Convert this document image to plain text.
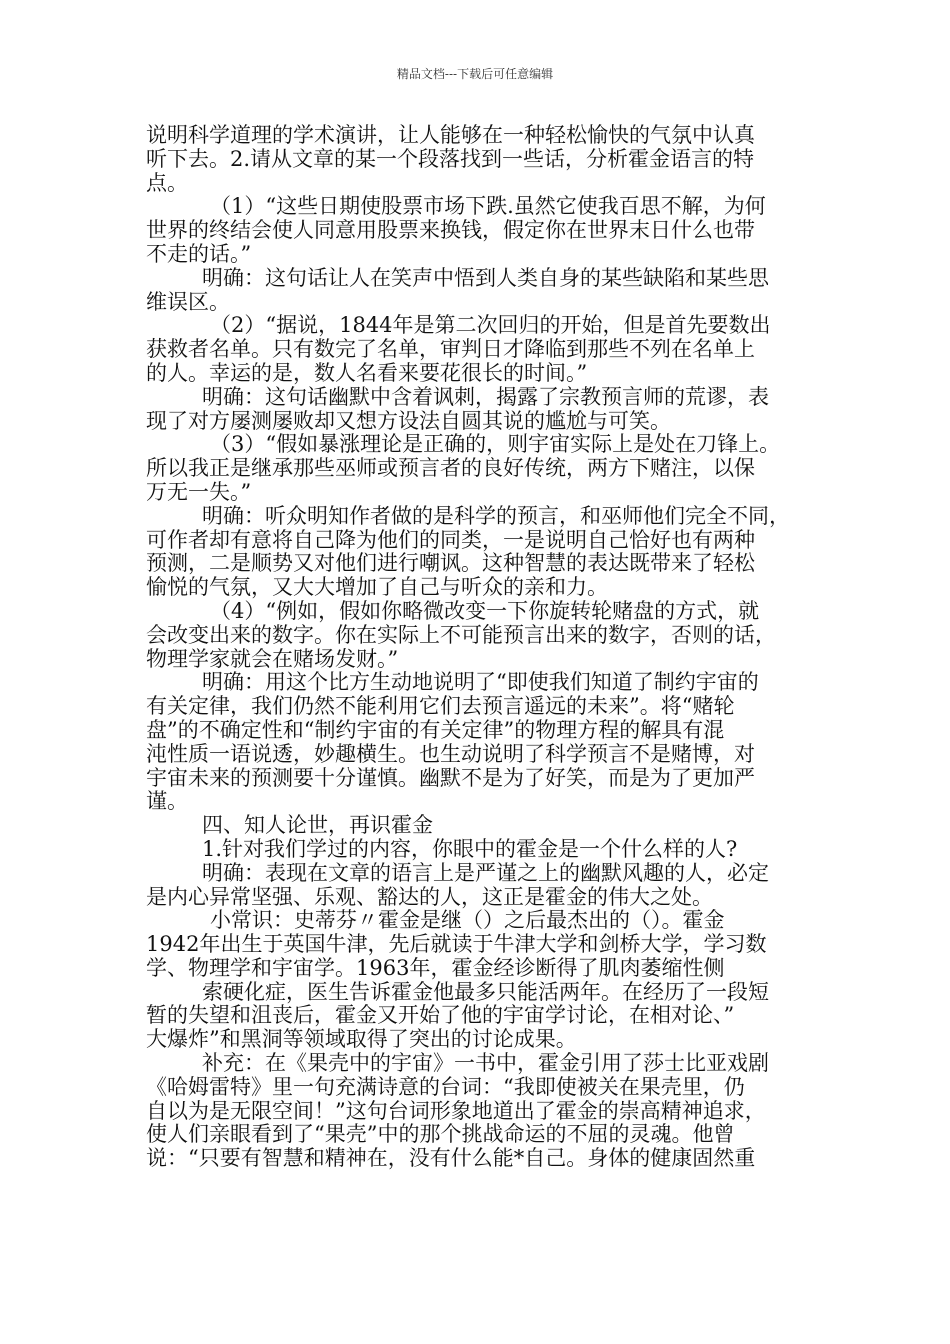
精品文档---下载后可任意编辑
说明科学道理的学术演讲，让人能够在一种轻松愉快的气氛中认真
听下去。2.请从文章的某一个段落找到一些话，分析霍金语言的特
点。
（1）“这些日期使股票市场下跌.虽然它使我百思不解，为何
世界的终结会使人同意用股票来换钱，假定你在世界末日什么也带
不走的话。”
明确：这句话让人在笑声中悟到人类自身的某些缺陷和某些思
维误区。
（2）“据说，1844年是第二次回归的开始，但是首先要数出
获救者名单。只有数完了名单，审判日才降临到那些不列在名单上
的人。幸运的是，数人名看来要花很长的时间。”
明确：这句话幽默中含着讽刺，揭露了宗教预言师的荒谬，表
现了对方屡测屡败却又想方设法自圆其说的尴尬与可笑。
（3）“假如暴涨理论是正确的，则宇宙实际上是处在刀锋上。
所以我正是继承那些巫师或预言者的良好传统，两方下赌注，以保
万无一失。”
明确：听众明知作者做的是科学的预言，和巫师他们完全不同，
可作者却有意将自己降为他们的同类，一是说明自己恰好也有两种
预测，二是顺势又对他们进行嘲讽。这种智慧的表达既带来了轻松
愉悦的气氛，又大大增加了自己与听众的亲和力。
（4）“例如，假如你略微改变一下你旋转轮赌盘的方式，就
会改变出来的数字。你在实际上不可能预言出来的数字，否则的话，
物理学家就会在赌场发财。”
明确：用这个比方生动地说明了“即使我们知道了制约宇宙的
有关定律，我们仍然不能利用它们去预言遥远的未来”。将“赌轮
盘”的不确定性和“制约宇宙的有关定律”的物理方程的解具有混
沌性质一语说透，妙趣横生。也生动说明了科学预言不是赌博，对
宇宙未来的预测要十分谨慎。幽默不是为了好笑，而是为了更加严
谨。
四、知人论世，再识霍金
1.针对我们学过的内容，你眼中的霍金是一个什么样的人?
明确：表现在文章的语言上是严谨之上的幽默风趣的人，必定
是内心异常坚强、乐观、豁达的人，这正是霍金的伟大之处。
小常识：史蒂芬〃霍金是继（）之后最杰出的（）。霍金
1942年出生于英国牛津，先后就读于牛津大学和剑桥大学，学习数
学、物理学和宇宙学。1963年，霍金经诊断得了肌肉萎缩性侧
索硬化症，医生告诉霍金他最多只能活两年。在经历了一段短
暂的失望和沮丧后，霍金又开始了他的宇宙学讨论，在相对论、”
大爆炸”和黑洞等领域取得了突出的讨论成果。
补充：在《果壳中的宇宙》一书中，霍金引用了莎士比亚戏剧
《哈姆雷特》里一句充满诗意的台词：“我即使被关在果壳里，仍
自以为是无限空间！”这句台词形象地道出了霍金的崇高精神追求，
使人们亲眼看到了“果壳”中的那个挑战命运的不屈的灵魂。他曾
说：“只要有智慧和精神在，没有什么能*自己。身体的健康固然重
